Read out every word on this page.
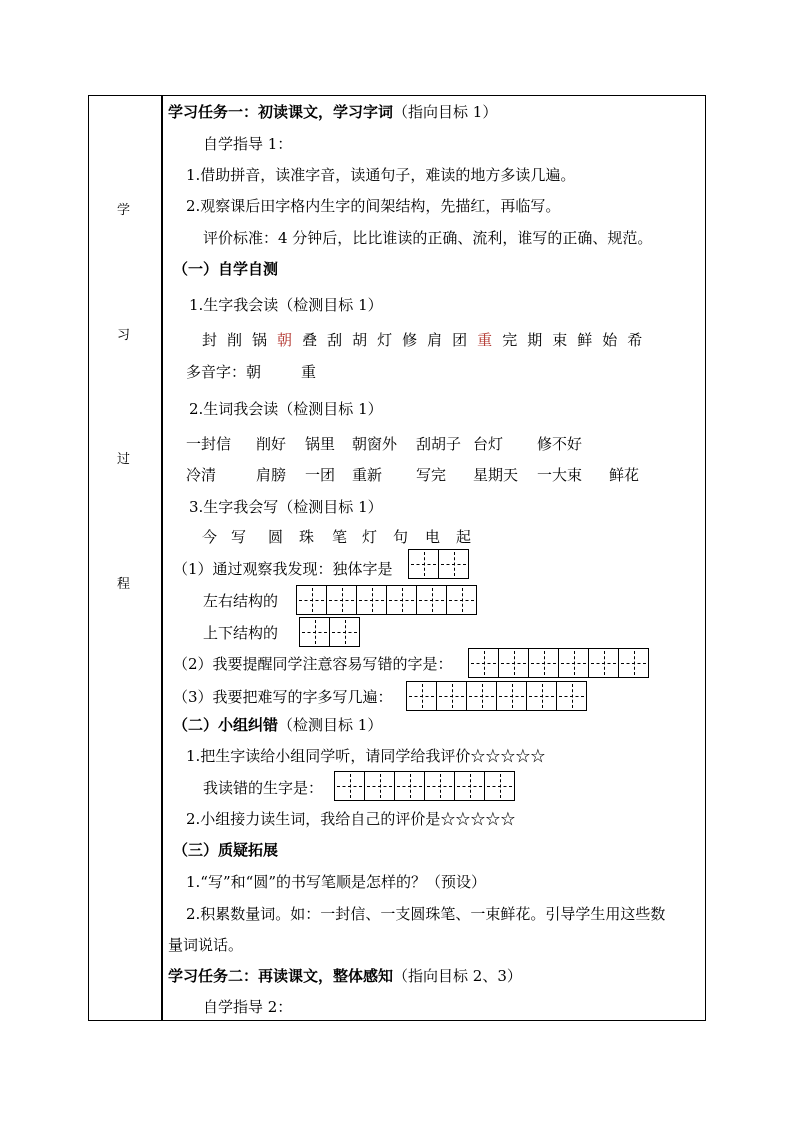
学
习
过
程
学习任务一：初读课文，学习字词（指向目标 1）
自学指导 1：
1.借助拼音，读准字音，读通句子，难读的地方多读几遍。
2.观察课后田字格内生字的间架结构，先描红，再临写。
评价标准：4 分钟后，比比谁读的正确、流利，谁写的正确、规范。
（一）自学自测
1.生字我会读（检测目标 1）
封 削 锅 朝 叠 刮 胡 灯 修 肩 团 重 完 期 束 鲜 始 希
多音字：朝	重
2.生词我会读（检测目标 1）
一封信 削好 锅里 朝窗外 刮胡子 台灯 修不好
冷清	肩膀 一团 重新 写完 星期天 一大束 鲜花
3.生字我会写（检测目标 1）
今 写 圆 珠 笔 灯 句 电 起
（1）通过观察我发现：独体字是
左右结构的
上下结构的
（2）我要提醒同学注意容易写错的字是：
（3）我要把难写的字多写几遍：
（二）小组纠错（检测目标 1）
1.把生字读给小组同学听，请同学给我评价☆☆☆☆☆
我读错的生字是：
2.小组接力读生词，我给自己的评价是☆☆☆☆☆
（三）质疑拓展
1.“写”和“圆”的书写笔顺是怎样的？（预设）
2.积累数量词。如：一封信、一支圆珠笔、一束鲜花。引导学生用这些数
量词说话。
学习任务二：再读课文，整体感知（指向目标 2、3）
自学指导 2：
